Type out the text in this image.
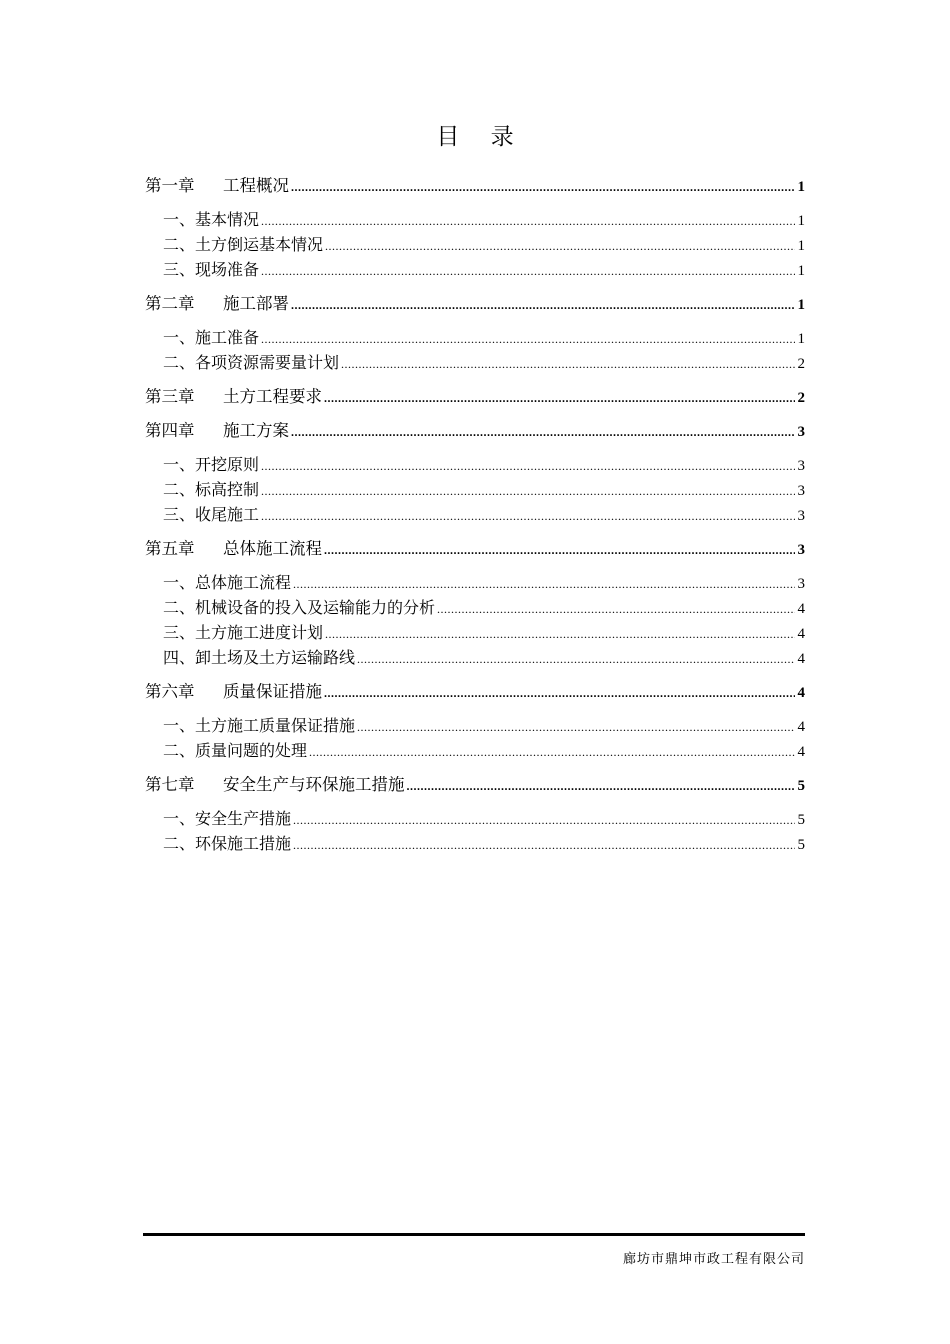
目 录
第一章	工程概况 .....	1
一、 基本情况 .....	1
二、 土方倒运基本情况 .....	1
三、 现场准备 .....	1
第二章	施工部署 .....	1
一、 施工准备 .....	1
二、 各项资源需要量计划 .....	2
第三章	土方工程要求 .....	2
第四章	施工方案 .....	3
一、 开挖原则 .....	3
二、 标高控制 .....	3
三、 收尾施工 .....	3
第五章	总体施工流程 .....	3
一、 总体施工流程 .....	3
二、 机械设备的投入及运输能力的分析 .....	4
三、 土方施工进度计划 .....	4
四、 卸土场及土方运输路线 .....	4
第六章	质量保证措施 .....	4
一、 土方施工质量保证措施 .....	4
二、 质量问题的处理 .....	4
第七章	安全生产与环保施工措施 .....	5
一、 安全生产措施 .....	5
二、 环保施工措施 .....	5
廊坊市鼎坤市政工程有限公司
